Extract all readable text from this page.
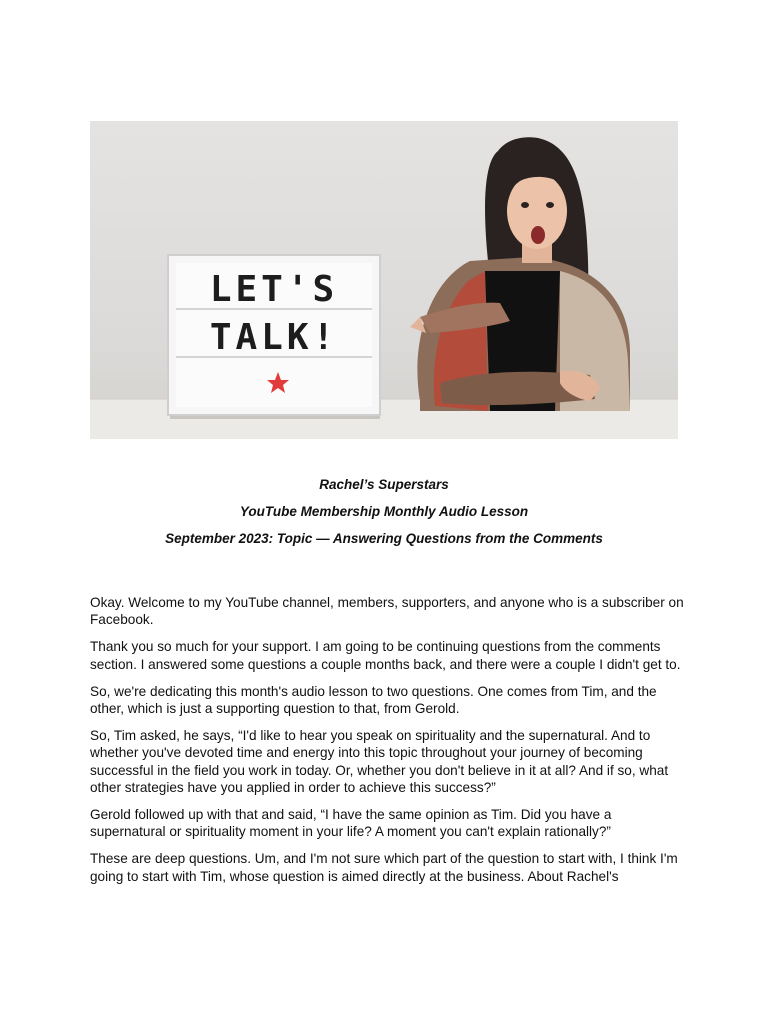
LET'S
TALK!
Rachel’s Superstars
YouTube Membership Monthly Audio Lesson
September 2023: Topic — Answering Questions from the Comments

Okay. Welcome to my YouTube channel, members, supporters, and anyone who is a subscriber on Facebook.

Thank you so much for your support. I am going to be continuing questions from the comments section. I answered some questions a couple months back, and there were a couple I didn't get to.

So, we're dedicating this month's audio lesson to two questions. One comes from Tim, and the other, which is just a supporting question to that, from Gerold.

So, Tim asked, he says, “I'd like to hear you speak on spirituality and the supernatural. And to whether you've devoted time and energy into this topic throughout your journey of becoming successful in the field you work in today. Or, whether you don't believe in it at all? And if so, what other strategies have you applied in order to achieve this success?”

Gerold followed up with that and said, “I have the same opinion as Tim. Did you have a supernatural or spirituality moment in your life? A moment you can't explain rationally?”

These are deep questions. Um, and I'm not sure which part of the question to start with, I think I'm going to start with Tim, whose question is aimed directly at the business. About Rachel's
